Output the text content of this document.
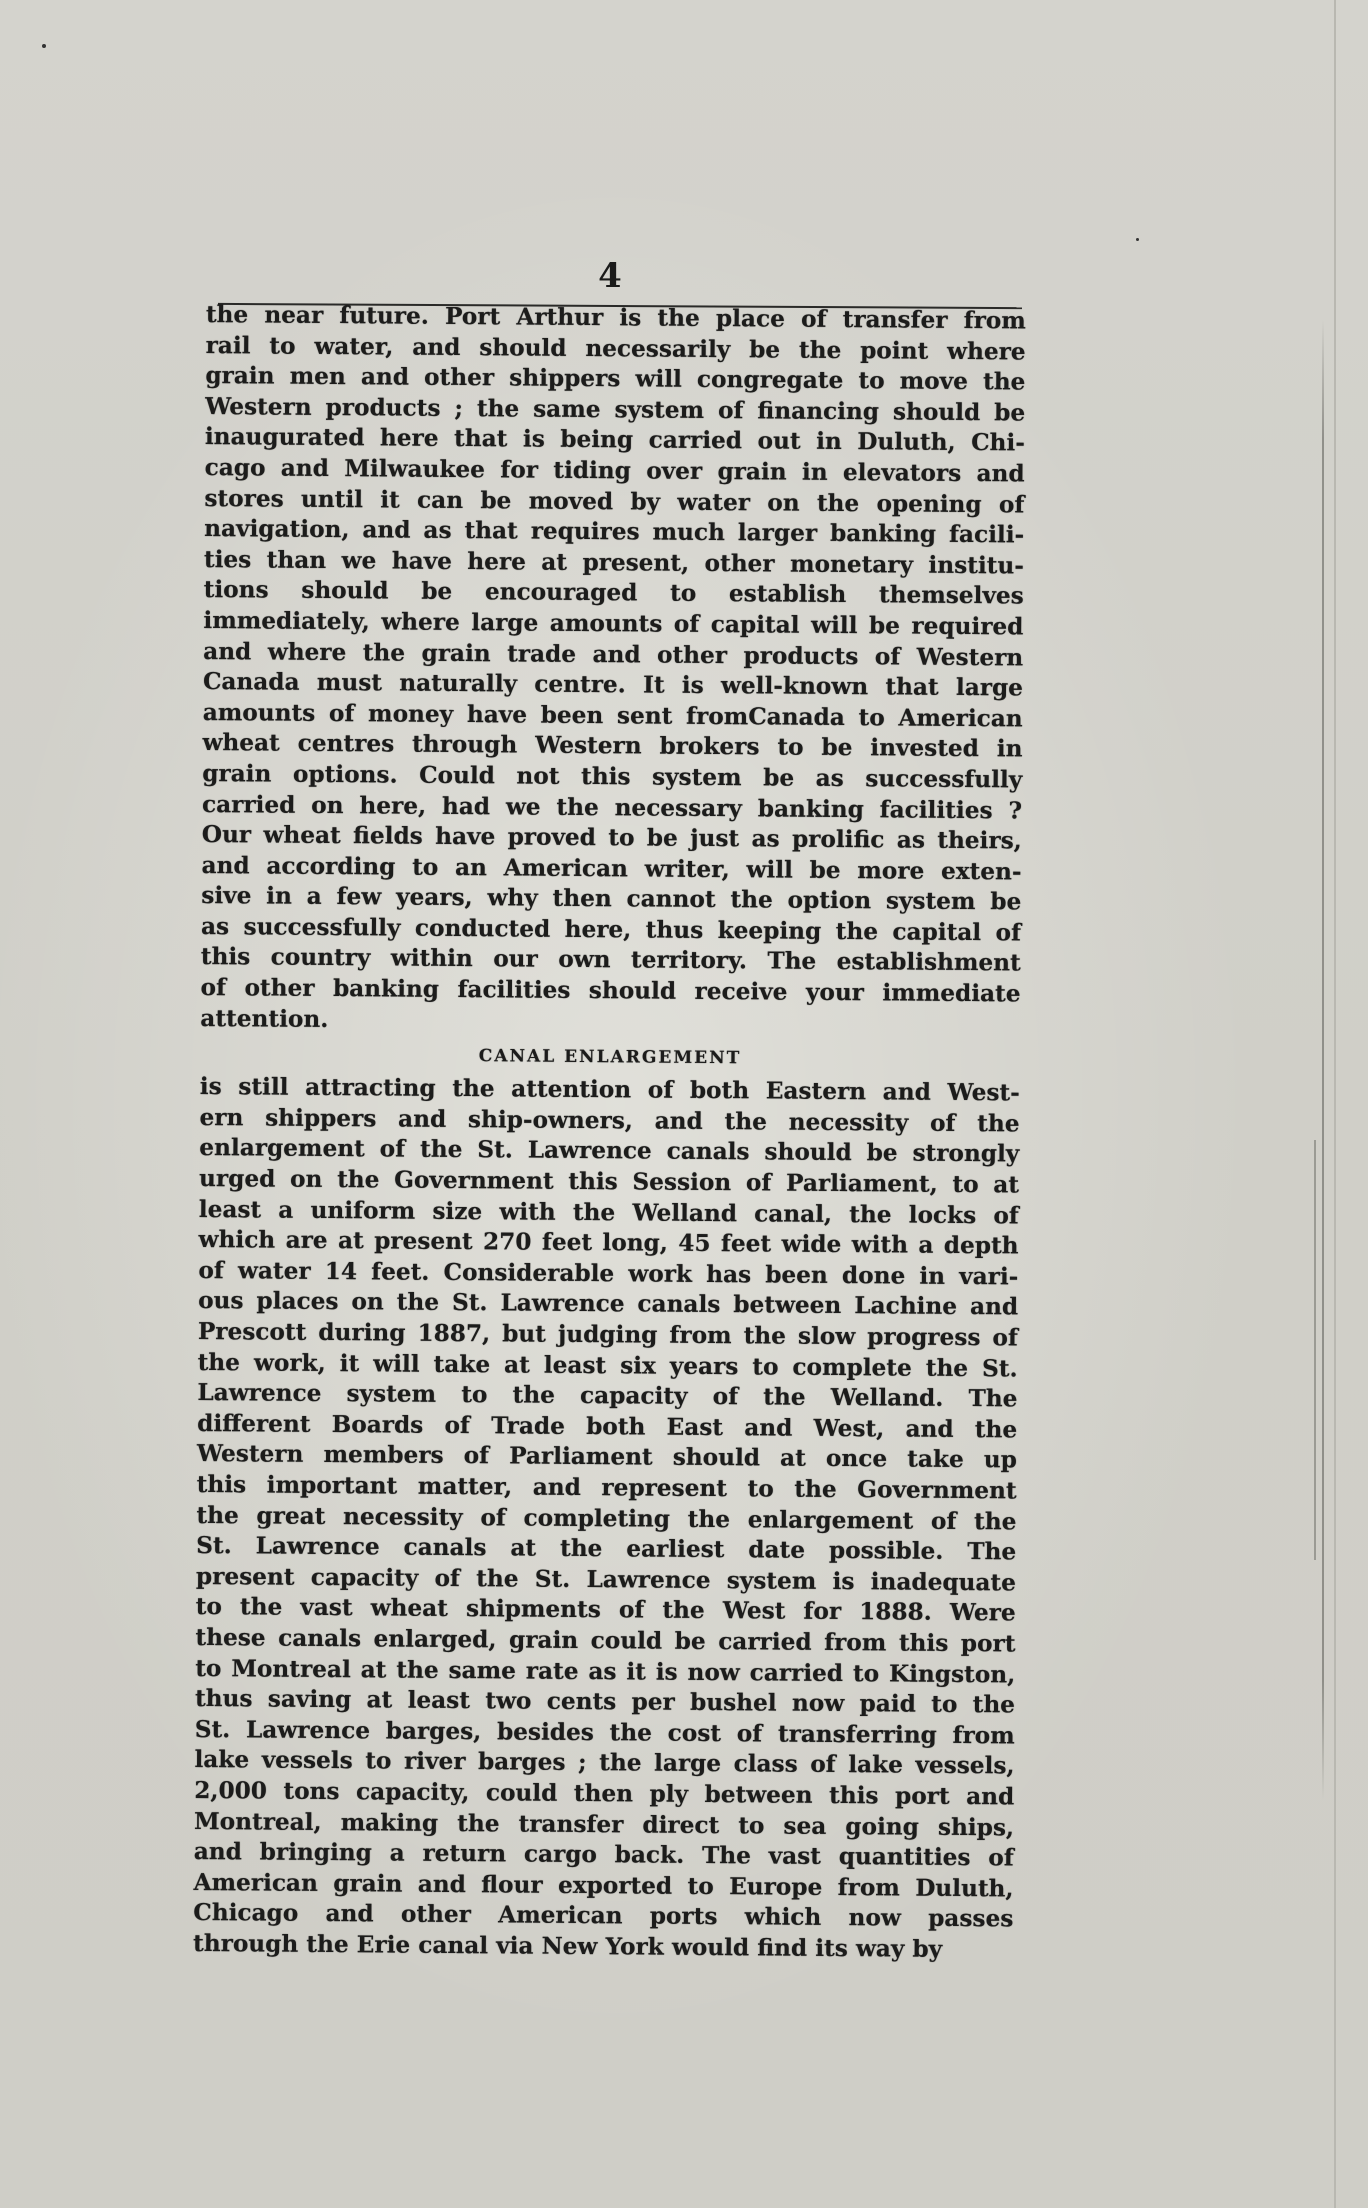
4
the near future. Port Arthur is the place of transfer from
rail to water, and should necessarily be the point where
grain men and other shippers will congregate to move the
Western products ; the same system of financing should be
inaugurated here that is being carried out in Duluth, Chi-
cago and Milwaukee for tiding over grain in elevators and
stores until it can be moved by water on the opening of
navigation, and as that requires much larger banking facili-
ties than we have here at present, other monetary institu-
tions should be encouraged to establish themselves
immediately, where large amounts of capital will be required
and where the grain trade and other products of Western
Canada must naturally centre. It is well-known that large
amounts of money have been sent fromCanada to American
wheat centres through Western brokers to be invested in
grain options. Could not this system be as successfully
carried on here, had we the necessary banking facilities ?
Our wheat fields have proved to be just as prolific as theirs,
and according to an American writer, will be more exten-
sive in a few years, why then cannot the option system be
as successfully conducted here, thus keeping the capital of
this country within our own territory. The establishment
of other banking facilities should receive your immediate
attention.
CANAL ENLARGEMENT
is still attracting the attention of both Eastern and West-
ern shippers and ship-owners, and the necessity of the
enlargement of the St. Lawrence canals should be strongly
urged on the Government this Session of Parliament, to at
least a uniform size with the Welland canal, the locks of
which are at present 270 feet long, 45 feet wide with a depth
of water 14 feet. Considerable work has been done in vari-
ous places on the St. Lawrence canals between Lachine and
Prescott during 1887, but judging from the slow progress of
the work, it will take at least six years to complete the St.
Lawrence system to the capacity of the Welland. The
different Boards of Trade both East and West, and the
Western members of Parliament should at once take up
this important matter, and represent to the Government
the great necessity of completing the enlargement of the
St. Lawrence canals at the earliest date possible. The
present capacity of the St. Lawrence system is inadequate
to the vast wheat shipments of the West for 1888. Were
these canals enlarged, grain could be carried from this port
to Montreal at the same rate as it is now carried to Kingston,
thus saving at least two cents per bushel now paid to the
St. Lawrence barges, besides the cost of transferring from
lake vessels to river barges ; the large class of lake vessels,
2,000 tons capacity, could then ply between this port and
Montreal, making the transfer direct to sea going ships,
and bringing a return cargo back. The vast quantities of
American grain and flour exported to Europe from Duluth,
Chicago and other American ports which now passes
through the Erie canal via New York would find its way by
